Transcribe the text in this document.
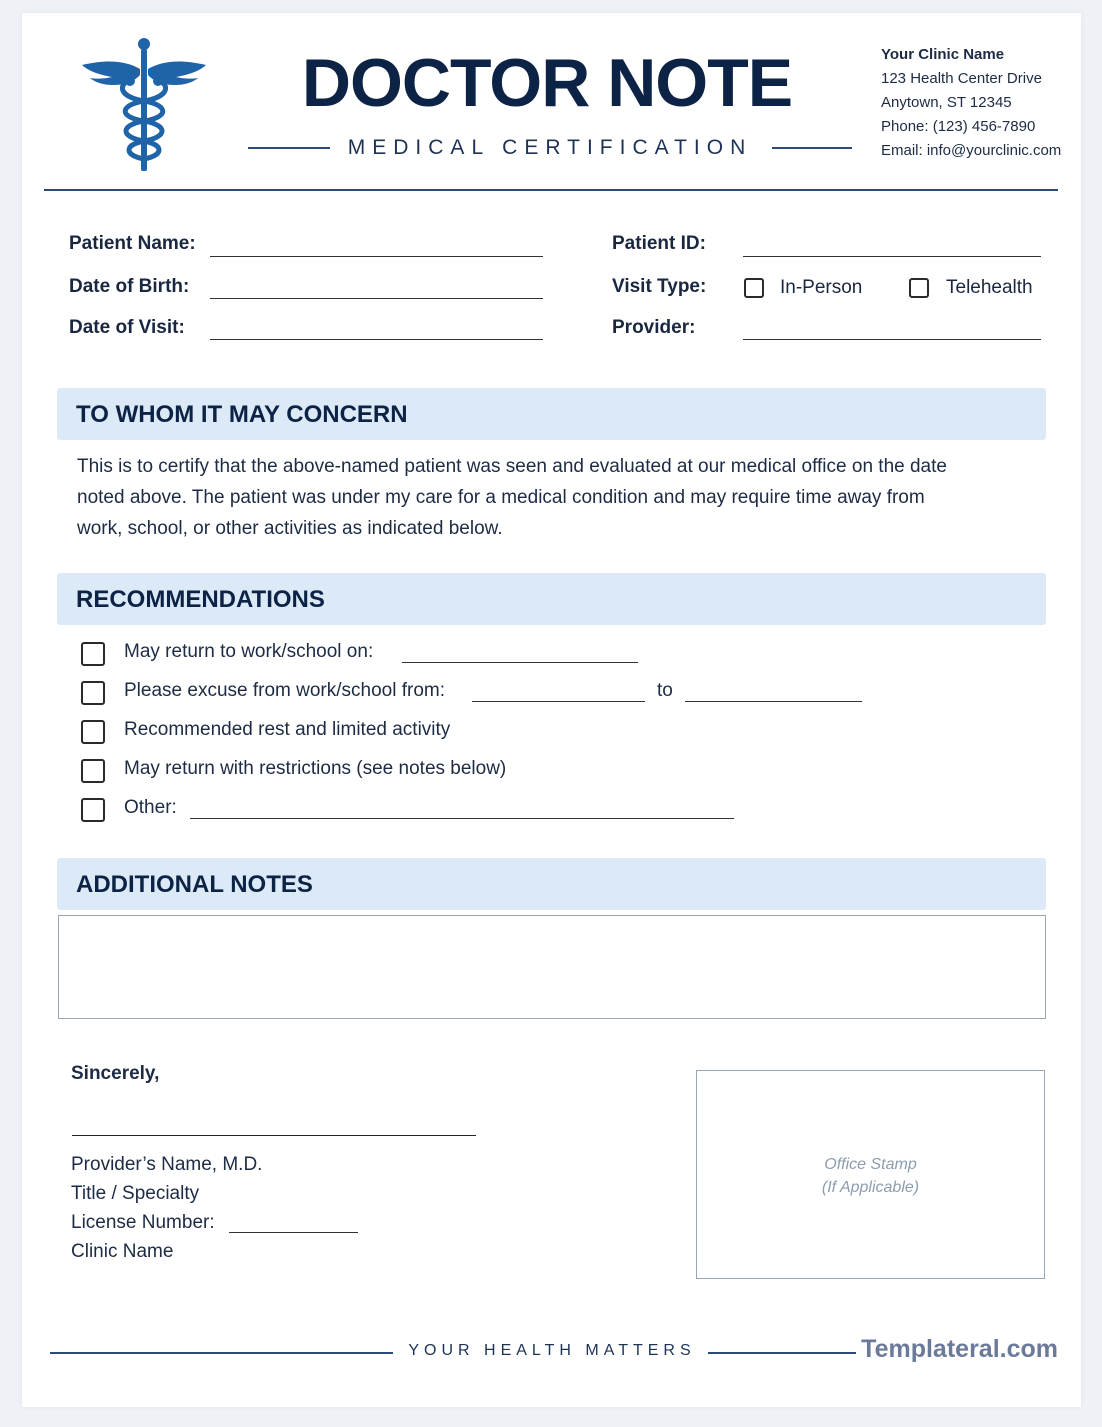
DOCTOR NOTE
MEDICAL CERTIFICATION
Your Clinic Name
123 Health Center Drive
Anytown, ST 12345
Phone: (123) 456-7890
Email: info@yourclinic.com
Patient Name:
Date of Birth:
Date of Visit:
Patient ID:
Visit Type:	In-Person	Telehealth
Provider:
TO WHOM IT MAY CONCERN
This is to certify that the above-named patient was seen and evaluated at our medical office on the date
noted above. The patient was under my care for a medical condition and may require time away from
work, school, or other activities as indicated below.
RECOMMENDATIONS
May return to work/school on:
Please excuse from work/school from:	to
Recommended rest and limited activity
May return with restrictions (see notes below)
Other:
ADDITIONAL NOTES
Sincerely,
Provider’s Name, M.D.
Title / Specialty
License Number:
Clinic Name
Office Stamp
(If Applicable)
YOUR HEALTH MATTERS	Templateral.com
